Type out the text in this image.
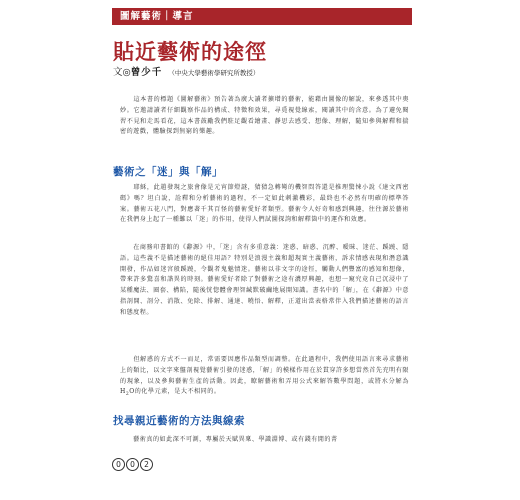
圖解藝術｜導言
貼近藝術的途徑
文◎曾少千 （中央大學藝術學研究所教授）

　　這本書的標題《圖解藝術》預告著為廣大讀者擴增的藝術，能藉由圖像的解說，來參透其中奧妙。它邀請讀者仔細觀察作品的構成、特徵和效果，尋覓視覺線索，閱讀其中的含意。為了避免閱習不見和走馬看花，這本書鼓勵我們駐足觀看繪畫、靜思去感受、想像、理解，隨知參與解釋和揣密的遊戲，體驗探到無窮的樂趣。

藝術之「迷」與「解」

　　耶穌，此趙發現之旅會像是元宵節燈謎，猜猜急轉彎的機智問答還是推理驚悚小說《達文西密碼》嗎？坦白說，詮釋和分析藝術的過程，不一定如此刺激機彩，最終也不必然有明確的標準答案。藝術五花八門，對應著千其百怪的藝術愛好者類型。藝術令人好奇和感到興趣，往往源於藝術在我們身上起了一種難以「迷」的作用，使得人們試圖探詢和解釋箇中的運作和效應。

　　在商務印書館的《辭源》中，「迷」含有多重意義：迷惑、暗惑、沉醉、曖昧、迷茫、蹊蹺、隱語。這些義不是描述藝術的絕佳用語？特別是浪漫主義和超現實主義藝術，訴求情感表現和潛意識開發，作品如迷宮般蹊蹺，令觀者鬼魅情迷。藝術以非文字的途徑，觸動人們豐富的感知和想像，帶來許多驚喜和諧異的時刻。藝術愛好者除了對藝術之途有濃厚興趣，也想一窺究竟自己沉浸中了某種魔法、圈套、構陷，隨後恍惚體會理智緘默破繭地展開知識。書名中的「解」，在《辭源》中意指剖開、剖分、消散、免除、排解、通達、曉悟、解釋，正道出當表格常伴入我們描述藝術的語言和態度程。

　　但解惑的方式不一而足，常需要因應作品類型而調整。在此過程中，我們使用語言來尋求藝術上的類比，以文字來盤剖視覺藝術引發的迷惑，「解」的模樣作用在於貫穿許多想當然首先充明有限的現象，以及參與藝術生產的活動。因此，瞭解藝術和弄用公式來解答數學問題，或將水分解為$H_2O$的化學元素，是大不相同的。

找尋親近藝術的方法與線索

　　藝術真的如此深不可測，專屬於天賦異稟、學識淵博、或有錢有閒的菁

0	0	2
